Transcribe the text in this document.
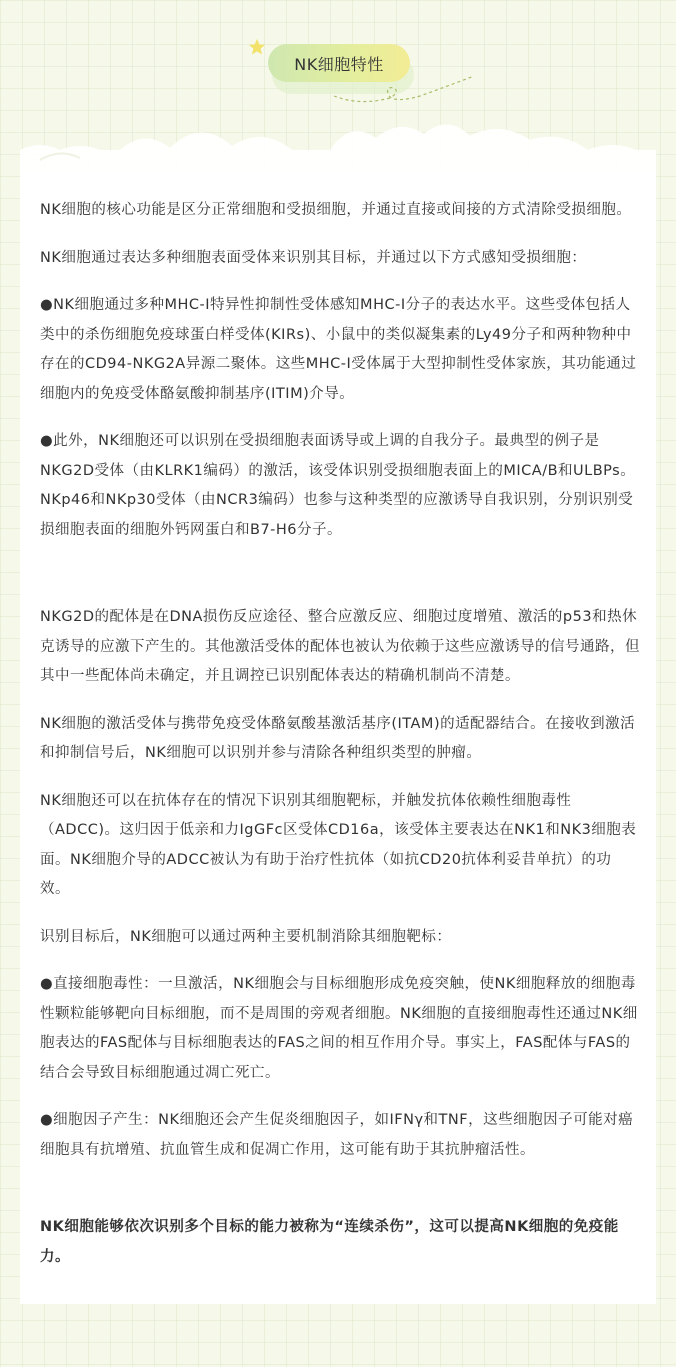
NK细胞特性

NK细胞的核心功能是区分正常细胞和受损细胞，并通过直接或间接的方式清除受损细胞。

NK细胞通过表达多种细胞表面受体来识别其目标，并通过以下方式感知受损细胞：

●NK细胞通过多种MHC-I特异性抑制性受体感知MHC-I分子的表达水平。这些受体包括人类中的杀伤细胞免疫球蛋白样受体(KIRs)、小鼠中的类似凝集素的Ly49分子和两种物种中存在的CD94-NKG2A异源二聚体。这些MHC-I受体属于大型抑制性受体家族，其功能通过细胞内的免疫受体酪氨酸抑制基序(ITIM)介导。

●此外，NK细胞还可以识别在受损细胞表面诱导或上调的自我分子。最典型的例子是NKG2D受体（由KLRK1编码）的激活，该受体识别受损细胞表面上的MICA/B和ULBPs。NKp46和NKp30受体（由NCR3编码）也参与这种类型的应激诱导自我识别，分别识别受损细胞表面的细胞外钙网蛋白和B7-H6分子。

NKG2D的配体是在DNA损伤反应途径、整合应激反应、细胞过度增殖、激活的p53和热休克诱导的应激下产生的。其他激活受体的配体也被认为依赖于这些应激诱导的信号通路，但其中一些配体尚未确定，并且调控已识别配体表达的精确机制尚不清楚。

NK细胞的激活受体与携带免疫受体酪氨酸基激活基序(ITAM)的适配器结合。在接收到激活和抑制信号后，NK细胞可以识别并参与清除各种组织类型的肿瘤。

NK细胞还可以在抗体存在的情况下识别其细胞靶标，并触发抗体依赖性细胞毒性（ADCC)。这归因于低亲和力IgGFc区受体CD16a，该受体主要表达在NK1和NK3细胞表面。NK细胞介导的ADCC被认为有助于治疗性抗体（如抗CD20抗体利妥昔单抗）的功效。

识别目标后，NK细胞可以通过两种主要机制消除其细胞靶标：

●直接细胞毒性：一旦激活，NK细胞会与目标细胞形成免疫突触，使NK细胞释放的细胞毒性颗粒能够靶向目标细胞，而不是周围的旁观者细胞。NK细胞的直接细胞毒性还通过NK细胞表达的FAS配体与目标细胞表达的FAS之间的相互作用介导。事实上，FAS配体与FAS的结合会导致目标细胞通过凋亡死亡。

●细胞因子产生：NK细胞还会产生促炎细胞因子，如IFNγ和TNF，这些细胞因子可能对癌细胞具有抗增殖、抗血管生成和促凋亡作用，这可能有助于其抗肿瘤活性。

NK细胞能够依次识别多个目标的能力被称为“连续杀伤”，这可以提高NK细胞的免疫能力。
